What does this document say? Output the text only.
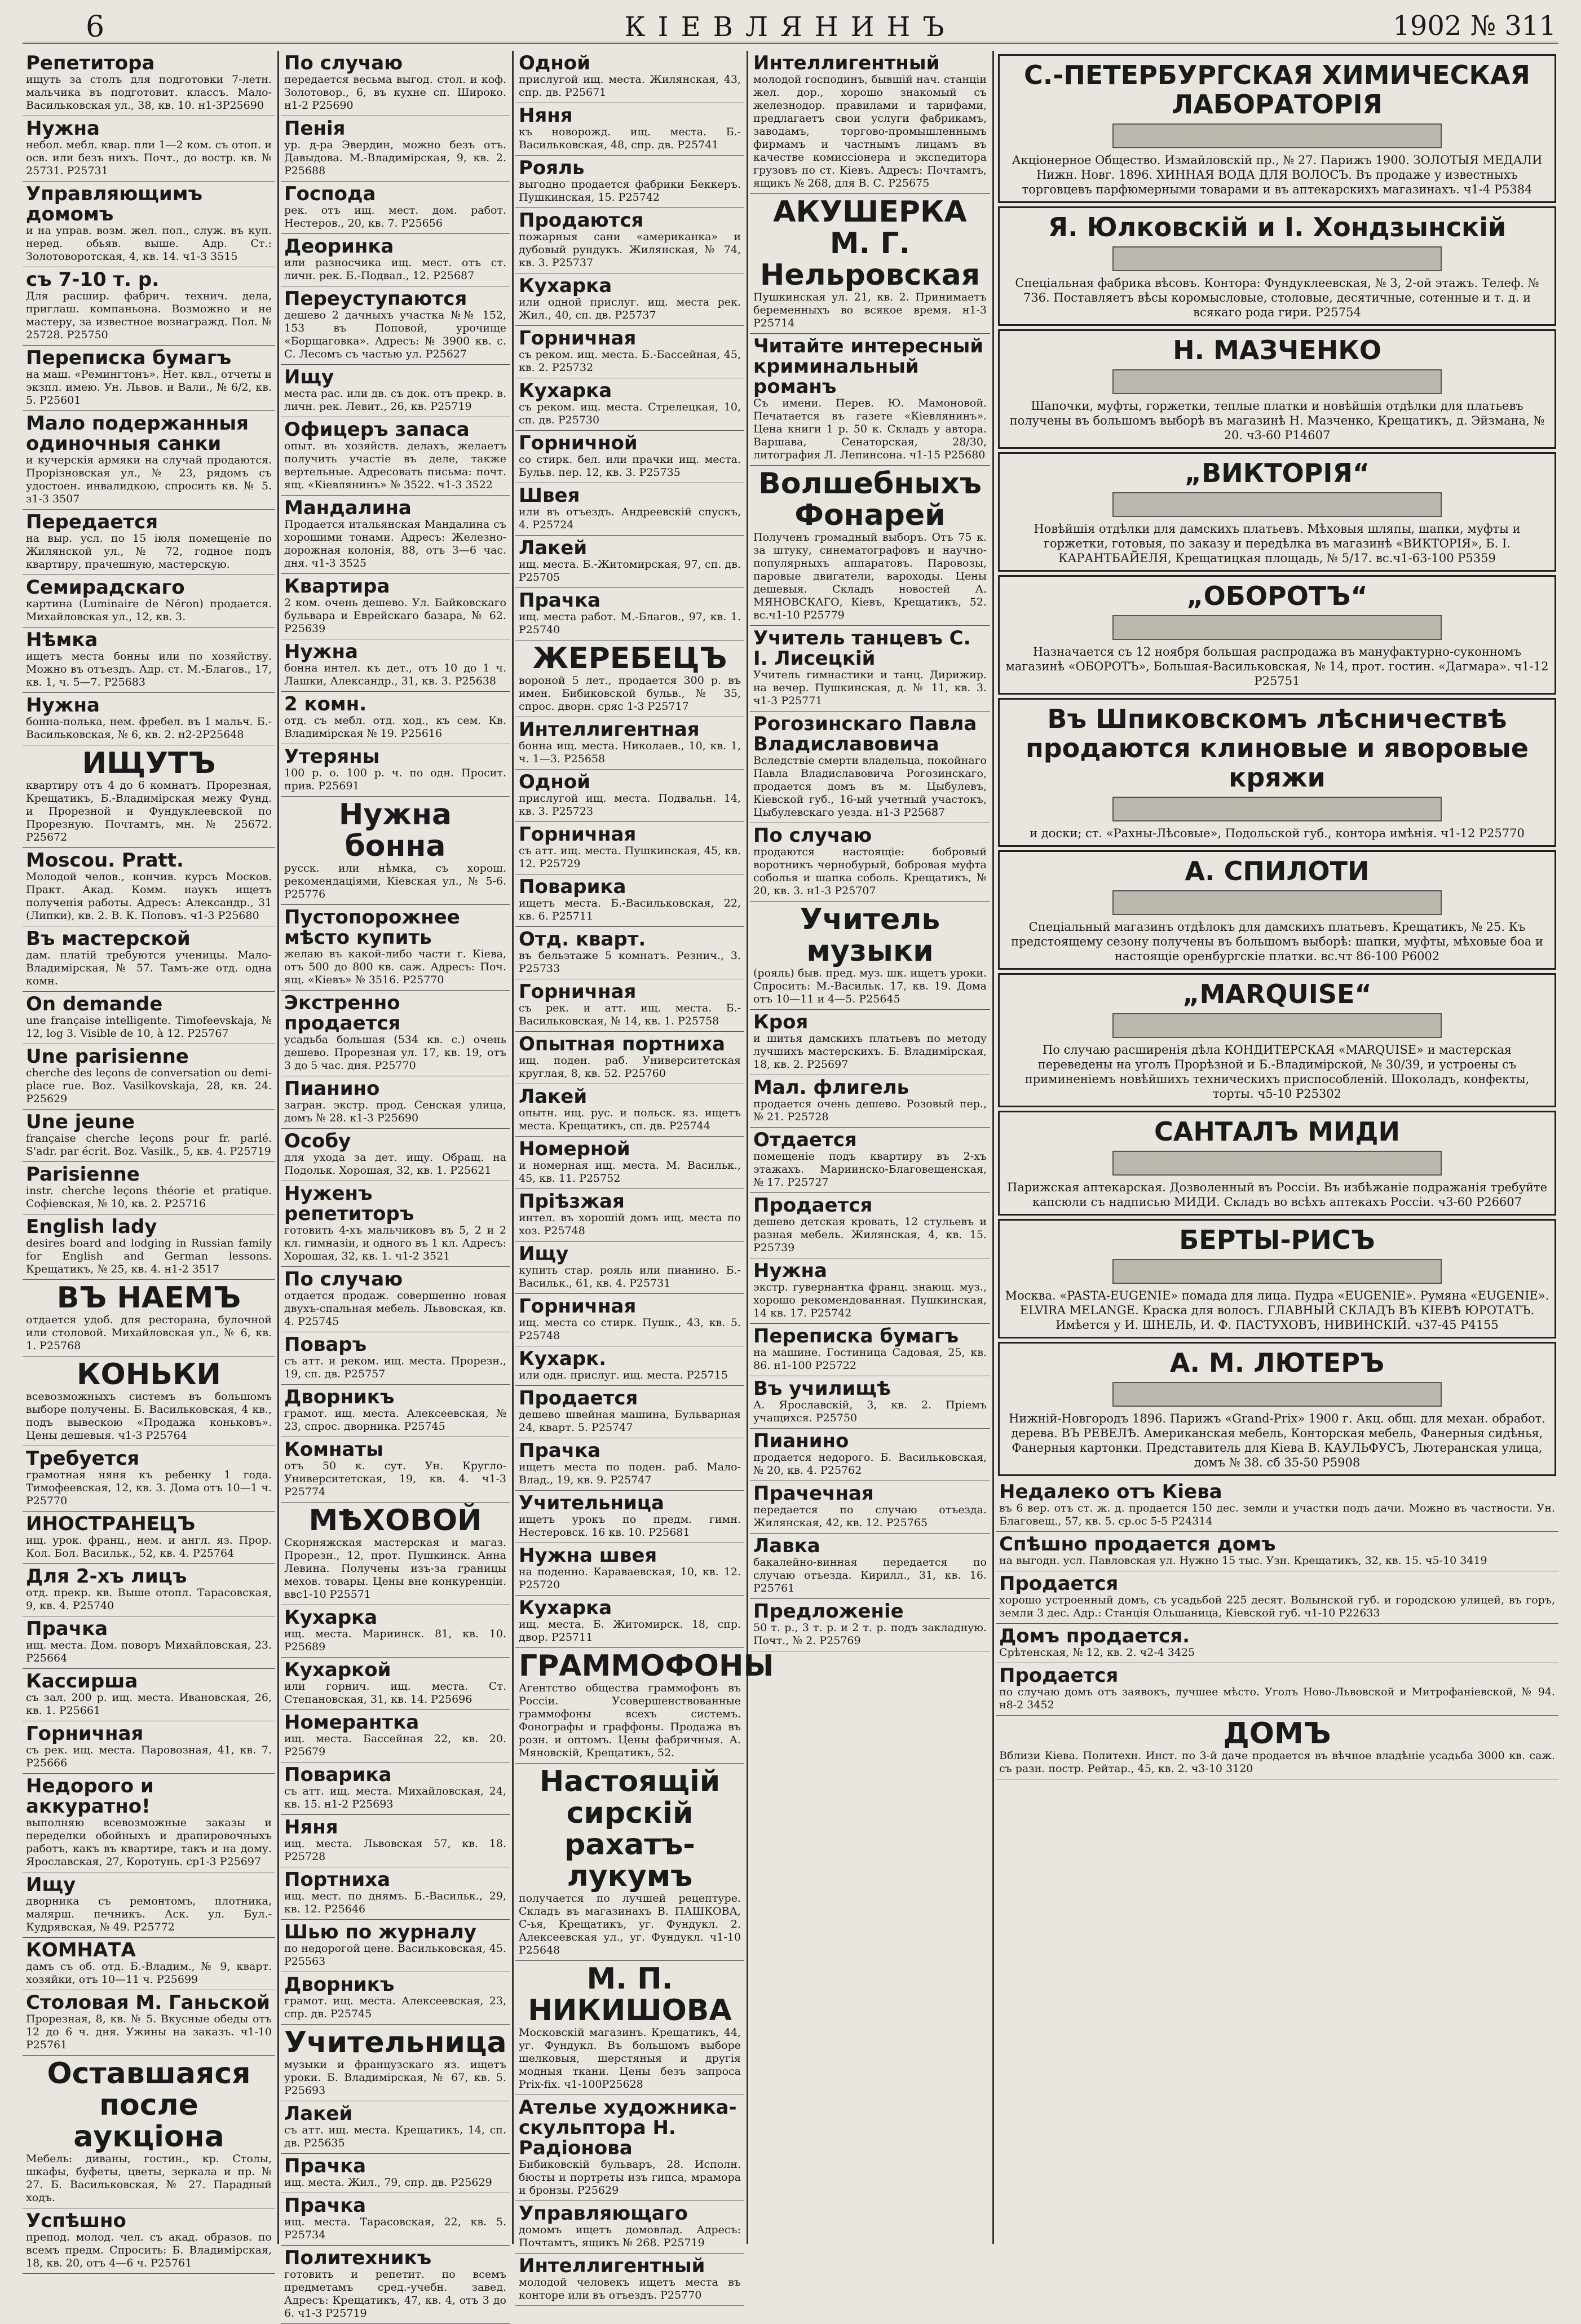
6	КІЕВЛЯНИНЪ	1902 № 311
Репетитора
ищуть за столъ для подготовки 7-летн. мальчика въ подготовит. классъ. Мало-Васильковская ул., 38, кв. 10. н1-3Р25690
Нужна
небол. мебл. квар. пли 1—2 ком. съ отоп. и осв. или безъ нихъ. Почт., до востр. кв. № 25731. Р25731
Управляющимъ домомъ
и на управ. возм. жел. пол., служ. въ куп. неред. обьяв. выше. Адр. Ст.: Золотоворотская, 4, кв. 14. ч1-3 3515
съ 7-10 т. р.
Для расшир. фабрич. технич. дела, приглаш. компаньона. Возможно и не мастеру, за известное вознагражд. Пол. № 25728. Р25750
Переписка бумагъ
на маш. «Ремингтонъ». Нет. квл., отчеты и экзпл. имею. Ун. Львов. и Вали., № 6/2, кв. 5. Р25601
Мало подержанныя одиночныя санки
и кучерскія армяки на случай продаются. Прорізновская ул., № 23, рядомъ съ удостоен. инвалидкою, спросить кв. № 5. з1-3 3507
Передается
на выр. усл. по 15 іюля помещеніе по Жилянской ул., № 72, годное подъ квартиру, прачешную, мастерскую.
Семирадскаго
картина (Luminaire de Néron) продается. Михайловская ул., 12, кв. 3.
Нѣмка
ищетъ места бонны или по хозяйству. Можно въ отъездъ. Адр. ст. М.-Благов., 17, кв. 1, ч. 5—7. Р25683
Нужна
бонна-полька, нем. фребел. въ 1 мальч. Б.-Васильковская, № 6, кв. 2. н2-2Р25648
ИЩУТЪ
квартиру отъ 4 до 6 комнатъ. Прорезная, Крещатикъ, Б.-Владимірская межу Фунд. и Прорезной и Фундуклеевской по Прорезную. Почтамтъ, мн. № 25672. Р25672
Moscou. Pratt.
Молодой челов., кончив. курсъ Москов. Практ. Акад. Комм. наукъ ищетъ полученія работы. Адресъ: Александр., 31 (Липки), кв. 2. В. К. Поповъ. ч1-3 Р25680
Въ мастерской
дам. платій требуются ученицы. Мало-Владимірская, № 57. Тамъ-же отд. одна комн.
On demande
une française intelligente. Timofeevskaja, № 12, log 3. Visible de 10, à 12. Р25767
Une parisienne
cherche des leçons de conversation ou demi-place rue. Boz. Vasilkovskaja, 28, кв. 24. Р25629
Une jeune
française cherche leçons pour fr. parlé. S'adr. par écrit. Boz. Vasilk., 5, кв. 4. Р25719
Parisienne
instr. cherche leçons théorie et pratique. Софіевская, № 10, кв. 2. Р25716
English lady
desires board and lodging in Russian family for English and German lessons. Крещатикъ, № 25, кв. 4. н1-2 3517
ВЪ НАЕМЪ
отдается удоб. для ресторана, булочной или столовой. Михайловская ул., № 6, кв. 1. Р25768
КОНЬКИ
всевозможныхъ системъ въ большомъ выборе получены. Б. Васильковская, 4 кв., подъ вывескою «Продажа коньковъ». Цены дешевыя. ч1-3 Р25764
Требуется
грамотная няня къ ребенку 1 года. Тимофеевская, 12, кв. 3. Дома отъ 10—1 ч. Р25770
ИНОСТРАНЕЦЪ
ищ. урок. франц., нем. и англ. яз. Прор. Кол. Бол. Васильк., 52, кв. 4. Р25764
Для 2-хъ лицъ
отд. прекр. кв. Выше отопл. Тарасовская, 9, кв. 4. Р25740
Прачка
ищ. места. Дом. поворъ Михайловская, 23. Р25664
Кассирша
съ зал. 200 р. ищ. места. Ивановская, 26, кв. 1. Р25661
Горничная
съ рек. ищ. места. Паровозная, 41, кв. 7. Р25666
Недорого и аккуратно!
выполняю всевозможные заказы и переделки обойныхъ и драпировочныхъ работъ, какъ въ квартире, такъ и на дому. Ярославская, 27, Коротунь. ср1-3 Р25697
Ищу
дворника съ ремонтомъ, плотника, малярш. печникъ. Аск. ул. Бул.-Кудрявская, № 49. Р25772
КОМНАТА
дамъ съ об. отд. Б.-Владим., № 9, кварт. хозяйки, отъ 10—11 ч. Р25699
Столовая М. Ганьской
Прорезная, 8, кв. № 5. Вкусные обеды отъ 12 до 6 ч. дня. Ужины на заказъ. ч1-10 Р25761
Оставшаяся после аукціона
Мебель: диваны, гостин., кр. Столы, шкафы, буфеты, цветы, зеркала и пр. № 27. Б. Васильковская, № 27. Парадный ходъ.
Успѣшно
препод. молод. чел. съ акад. образов. по всемъ предм. Спросить: Б. Владимірская, 18, кв. 20, отъ 4—6 ч. Р25761
По случаю
передается весьма выгод. стол. и коф. Золотовор., 6, въ кухне сп. Широко. н1-2 Р25690
Пенія
ур. д-ра Эвердин, можно безъ отъ. Давыдова. М.-Владимірская, 9, кв. 2. Р25688
Господа
рек. отъ ищ. мест. дом. работ. Нестеров., 20, кв. 7. Р25656
Деоринка
или разносчика ищ. мест. отъ ст. личн. рек. Б.-Подвал., 12. Р25687
Переуступаются
дешево 2 дачныхъ участка №№ 152, 153 въ Поповой, урочище «Борщаговка». Адресъ: № 3900 кв. с. С. Лесомъ съ частью ул. Р25627
Ищу
места рас. или дв. съ док. отъ прекр. в. личн. рек. Левит., 26, кв. Р25719
Офицеръ запаса
опыт. въ хозяйств. делахъ, желаетъ получить участіе въ деле, также вертельные. Адресовать письма: почт. ящ. «Кіевлянинъ» № 3522. ч1-3 3522
Мандалина
Продается итальянская Мандалина съ хорошими тонами. Адресъ: Железно-дорожная колонія, 88, отъ 3—6 час. дня. ч1-3 3525
Квартира
2 ком. очень дешево. Ул. Байковскаго бульвара и Еврейскаго базара, № 62. Р25639
Нужна
бонна интел. къ дет., отъ 10 до 1 ч. Лашки, Александр., 31, кв. 3. Р25638
2 комн.
отд. съ мебл. отд. ход., къ сем. Кв. Владимірская № 19. Р25616
Утеряны
100 р. о. 100 р. ч. по одн. Просит. прив. Р25691
Нужна бонна
русск. или нѣмка, съ хорош. рекомендаціями, Кіевская ул., № 5-6. Р25776
Пустопорожнее мѣсто купить
желаю въ какой-либо части г. Кіева, отъ 500 до 800 кв. саж. Адресъ: Поч. ящ. «Кіевъ» № 3516. Р25770
Экстренно продается
усадьба большая (534 кв. с.) очень дешево. Прорезная ул. 17, кв. 19, отъ 3 до 5 час. дня. Р25770
Пианино
загран. экстр. прод. Сенская улица, домъ № 28. к1-3 Р25690
Особу
для ухода за дет. ищу. Обращ. на Подольк. Хорошая, 32, кв. 1. Р25621
Нуженъ репетиторъ
готовить 4-хъ мальчиковъ въ 5, 2 и 2 кл. гимназіи, и одного въ 1 кл. Адресъ: Хорошая, 32, кв. 1. ч1-2 3521
По случаю
отдается продаж. совершенно новая двухъ-спальная мебель. Львовская, кв. 4. Р25745
Поваръ
съ атт. и реком. ищ. места. Прорезн., 19, сп. дв. Р25757
Дворникъ
грамот. ищ. места. Алексеевская, № 23, спрос. дворника. Р25745
Комнаты
отъ 50 к. сут. Ун. Кругло-Университетская, 19, кв. 4. ч1-3 Р25774
МѢХОВОЙ
Скорняжская мастерская и магаз. Прорезн., 12, прот. Пушкинск. Анна Левина. Получены изъ-за границы мехов. товары. Цены вне конкуренціи. ввс1-10 Р25571
Кухарка
ищ. места. Мариинск. 81, кв. 10. Р25689
Кухаркой
или горнич. ищ. места. Ст. Степановская, 31, кв. 14. Р25696
Номерантка
ищ. места. Бассейная 22, кв. 20. Р25679
Поварика
съ атт. ищ. места. Михайловская, 24, кв. 15. н1-2 Р25693
Няня
ищ. места. Львовская 57, кв. 18. Р25728
Портниха
ищ. мест. по днямъ. Б.-Васильк., 29, кв. 12. Р25646
Шью по журналу
по недорогой цене. Васильковская, 45. Р25563
Дворникъ
грамот. ищ. места. Алексеевская, 23, спр. дв. Р25745
Учительница
музыки и французскаго яз. ищетъ уроки. Б. Владимірская, № 67, кв. 5. Р25693
Лакей
съ атт. ищ. места. Крещатикъ, 14, сп. дв. Р25635
Прачка
ищ. места. Жил., 79, спр. дв. Р25629
Прачка
ищ. места. Тарасовская, 22, кв. 5. Р25734
Политехникъ
готовить и репетит. по всемъ предметамъ сред.-учебн. завед. Адресъ: Крещатикъ, 47, кв. 4, отъ 3 до 6. ч1-3 Р25719
Одной
прислугой ищ. места. Жилянская, 43, спр. дв. Р25671
Няня
къ новорожд. ищ. места. Б.-Васильковская, 48, спр. дв. Р25741
Рояль
выгодно продается фабрики Беккеръ. Пушкинская, 15. Р25742
Продаются
пожарныя сани «американка» и дубовый рундукъ. Жилянская, № 74, кв. 3. Р25737
Кухарка
или одной прислуг. ищ. места рек. Жил., 40, сп. дв. Р25737
Горничная
съ реком. ищ. места. Б.-Бассейная, 45, кв. 2. Р25732
Кухарка
съ реком. ищ. места. Стрелецкая, 10, сп. дв. Р25730
Горничной
со стирк. бел. или прачки ищ. места. Бульв. пер. 12, кв. 3. Р25735
Швея
или въ отъездъ. Андреевскій спускъ, 4. Р25724
Лакей
ищ. места. Б.-Житомирская, 97, сп. дв. Р25705
Прачка
ищ. места работ. М.-Благов., 97, кв. 1. Р25740
ЖЕРЕБЕЦЪ
вороной 5 лет., продается 300 р. въ имен. Бибиковской бульв., № 35, спрос. дворн. сряс 1-3 Р25717
Интеллигентная
бонна ищ. места. Николаев., 10, кв. 1, ч. 1—3. Р25658
Одной
прислугой ищ. места. Подвальн. 14, кв. 3. Р25723
Горничная
съ атт. ищ. места. Пушкинская, 45, кв. 12. Р25729
Поварика
ищетъ места. Б.-Васильковская, 22, кв. 6. Р25711
Отд. кварт.
въ бельэтаже 5 комнатъ. Резнич., 3. Р25733
Горничная
съ рек. и атт. ищ. места. Б.-Васильковская, № 14, кв. 1. Р25758
Опытная портниха
ищ. поден. раб. Университетская круглая, 8, кв. 52. Р25760
Лакей
опытн. ищ. рус. и польск. яз. ищетъ места. Крещатикъ, сп. дв. Р25744
Номерной
и номерная ищ. места. М. Васильк., 45, кв. 11. Р25752
Прiѣзжая
интел. въ хорошій домъ ищ. места по хоз. Р25748
Ищу
купить стар. рояль или пианино. Б.-Васильк., 61, кв. 4. Р25731
Горничная
ищ. места со стирк. Пушк., 43, кв. 5. Р25748
Кухарк.
или одн. прислуг. ищ. места. Р25715
Продается
дешево швейная машина, Бульварная 24, кварт. 5. Р25747
Прачка
ищетъ места по поден. раб. Мало-Влад., 19, кв. 9. Р25747
Учительница
ищетъ урокъ по предм. гимн. Нестеровск. 16 кв. 10. Р25681
Нужна швея
на поденно. Караваевская, 10, кв. 12. Р25720
Кухарка
ищ. места. Б. Житомирск. 18, спр. двор. Р25711
ГРАММОФОНЫ
Агентство общества граммофонъ въ Россіи. Усовершенствованные граммофоны всехъ системъ. Фонографы и граффоны. Продажа въ розн. и оптомъ. Цены фабричныя. А. Мяновскій, Крещатикъ, 52.
Настоящій сирскій рахатъ-лукумъ
получается по лучшей рецептуре. Складъ въ магазинахъ В. ПАШКОВА, С-ья, Крещатикъ, уг. Фундукл. 2. Алексеевская ул., уг. Фундукл. ч1-10 Р25648
М. П. НИКИШОВА
Московскій магазинъ. Крещатикъ, 44, уг. Фундукл. Въ большомъ выборе шелковыя, шерстяныя и другія модныя ткани. Цены безъ запроса Prix-fix. ч1-100Р25628
Ателье художника-скульптора Н. Радіонова
Бибиковскій бульваръ, 28. Исполн. бюсты и портреты изъ гипса, мрамора и бронзы. Р25629
Управляющаго
домомъ ищетъ домовлад. Адресъ: Почтамтъ, ящикъ № 268. Р25719
Интеллигентный
молодой человекъ ищетъ места въ конторе или въ отъездъ. Р25770
Интеллигентный
молодой господинъ, бывшій нач. станціи жел. дор., хорошо знакомый съ железнодор. правилами и тарифами, предлагаетъ свои услуги фабрикамъ, заводамъ, торгово-промышленнымъ фирмамъ и частнымъ лицамъ въ качестве комиссіонера и экспедитора грузовъ по ст. Кіевъ. Адресъ: Почтамтъ, ящикъ № 268, для В. С. Р25675
АКУШЕРКА М. Г. Нельровская
Пушкинская ул. 21, кв. 2. Принимаетъ беременныхъ во всякое время. н1-3 Р25714
Читайте интересный криминальный романъ
Съ имени. Перев. Ю. Мамоновой. Печатается въ газете «Кіевлянинъ». Цена книги 1 р. 50 к. Складъ у автора. Варшава, Сенаторская, 28/30, литография Л. Лепинсона. ч1-15 Р25680
Волшебныхъ Фонарей
Полученъ громадный выборъ. Отъ 75 к. за штуку, синематографовъ и научно-популярныхъ аппаратовъ. Паровозы, паровые двигатели, вароходы. Цены дешевыя. Складъ новостей А. МЯНОВСКАГО, Кіевъ, Крещатикъ, 52. вс.ч1-10 Р25779
Учитель танцевъ С. І. Лисецкій
Учитель гимнастики и танц. Дирижир. на вечер. Пушкинская, д. № 11, кв. 3. ч1-3 Р25771
Рогозинскаго Павла Владиславовича
Вследствіе смерти владельца, покойнаго Павла Владиславовича Рогозинскаго, продается домъ въ м. Цыбулевъ, Кіевской губ., 16-ый учетный участокъ, Цыбулевскаго уезда. н1-3 Р25687
По случаю
продаются настоящіе: бобровый воротникъ чернобурый, бобровая муфта соболья и шапка соболь. Крещатикъ, № 20, кв. 3. н1-3 Р25707
Учитель музыки
(рояль) быв. пред. муз. шк. ищетъ уроки. Спросить: М.-Васильк. 17, кв. 19. Дома отъ 10—11 и 4—5. Р25645
Кроя
и шитья дамскихъ платьевъ по методу лучшихъ мастерскихъ. Б. Владимірская, 18, кв. 2. Р25697
Мал. флигель
продается очень дешево. Розовый пер., № 21. Р25728
Отдается
помещеніе подъ квартиру въ 2-хъ этажахъ. Мариинско-Благовещенская, № 17. Р25727
Продается
дешево детская кровать, 12 стульевъ и разная мебель. Жилянская, 4, кв. 15. Р25739
Нужна
экстр. гувернантка франц. знающ. муз., хорошо рекомендованная. Пушкинская, 14 кв. 17. Р25742
Переписка бумагъ
на машине. Гостиница Садовая, 25, кв. 86. н1-100 Р25722
Въ училищѣ
А. Ярославскій, 3, кв. 2. Пріемъ учащихся. Р25750
Пианино
продается недорого. Б. Васильковская, № 20, кв. 4. Р25762
Прачечная
передается по случаю отъезда. Жилянская, 42, кв. 12. Р25765
Лавка
бакалейно-винная передается по случаю отъезда. Кирилл., 31, кв. 16. Р25761
Предложеніе
50 т. р., 3 т. р. и 2 т. р. подъ закладную. Почт., № 2. Р25769
С.-ПЕТЕРБУРГСКАЯ ХИМИЧЕСКАЯ ЛАБОРАТОРІЯ
Акціонерное Общество. Измайловскій пр., № 27. Парижъ 1900. ЗОЛОТЫЯ МЕДАЛИ Нижн. Новг. 1896. ХИННАЯ ВОДА ДЛЯ ВОЛОСЪ. Въ продаже у известныхъ торговцевъ парфюмерными товарами и въ аптекарскихъ магазинахъ. ч1-4 Р5384
Я. Юлковскій и І. Хондзынскій
Спеціальная фабрика вѣсовъ. Контора: Фундуклеевская, № 3, 2-ой этажъ. Телеф. № 736. Поставляетъ вѣсы коромысловые, столовые, десятичные, сотенные и т. д. и всякаго рода гири. Р25754
Н. МАЗЧЕНКО
Шапочки, муфты, горжетки, теплые платки и новѣйшія отдѣлки для платьевъ получены въ большомъ выборѣ въ магазинѣ Н. Мазченко, Крещатикъ, д. Эйзмана, № 20. ч3-60 Р14607
„ВИКТОРІЯ“
Новѣйшія отдѣлки для дамскихъ платьевъ. Мѣховыя шляпы, шапки, муфты и горжетки, готовыя, по заказу и передѣлка въ магазинѣ «ВИКТОРІЯ», Б. І. КАРАНТБАЙЕЛЯ, Крещатицкая площадь, № 5/17. вс.ч1-63-100 Р5359
„ОБОРОТЪ“
Назначается съ 12 ноября большая распродажа въ мануфактурно-суконномъ магазинѣ «ОБОРОТЪ», Большая-Васильковская, № 14, прот. гостин. «Дагмара». ч1-12 Р25751
Въ Шпиковскомъ лѣсничествѣ продаются клиновые и яворовые кряжи
и доски; ст. «Рахны-Лѣсовые», Подольской губ., контора имѣнія. ч1-12 Р25770
А. СПИЛОТИ
Спеціальный магазинъ отдѣлокъ для дамскихъ платьевъ. Крещатикъ, № 25. Къ предстоящему сезону получены въ большомъ выборѣ: шапки, муфты, мѣховые боа и настоящіе оренбургскіе платки. вс.чт 86-100 Р6002
„MARQUISE“
По случаю расширенія дѣла КОНДИТЕРСКАЯ «MARQUISE» и мастерская переведены на уголъ Прорѣзной и Б.-Владимірской, № 30/39, и устроены съ приминеніемъ новѣйшихъ техническихъ приспособленій. Шоколадъ, конфекты, торты. ч5-10 Р25302
САНТАЛЪ МИДИ
Парижская аптекарская. Дозволенный въ Россіи. Въ избѣжаніе подражанія требуйте капсюли съ надписью МИДИ. Складъ во всѣхъ аптекахъ Россіи. ч3-60 Р26607
БЕРТЫ-РИСЪ
Москва. «PASTA-EUGENIE» помада для лица. Пудра «EUGENIE». Румяна «EUGENIE». ELVIRA MELANGE. Краска для волосъ. ГЛАВНЫЙ СКЛАДЪ ВЪ КІЕВѢ ЮРОТАТЪ. Имѣется у И. ШНЕЛЬ, И. Ф. ПАСТУХОВЪ, НИВИНСКІЙ. ч37-45 Р4155
А. М. ЛЮТЕРЪ
Нижній-Новгородъ 1896. Парижъ «Grand-Prix» 1900 г. Акц. общ. для механ. обработ. дерева. ВЪ РЕВЕЛѢ. Американская мебель, Конторская мебель, Фанерныя сидѣнья, Фанерныя картонки. Представитель для Кіева В. КАУЛЬФУСЪ, Лютеранская улица, домъ № 38. сб 35-50 Р5908
Недалеко отъ Кіева
въ 6 вер. отъ ст. ж. д. продается 150 дес. земли и участки подъ дачи. Можно въ частности. Ун. Благовещ., 57, кв. 5. ср.ос 5-5 Р24314
Спѣшно продается домъ
на выгодн. усл. Павловская ул. Нужно 15 тыс. Узн. Крещатикъ, 32, кв. 15. ч5-10 3419
Продается
хорошо устроенный домъ, съ усадьбой 225 десят. Волынской губ. и городскою улицей, въ горъ, земли 3 дес. Адр.: Станція Ольшаница, Кіевской губ. ч1-10 Р22633
Домъ продается.
Срѣтенская, № 12, кв. 2. ч2-4 3425
Продается
по случаю домъ отъ заявокъ, лучшее мѣсто. Уголъ Ново-Львовской и Митрофаніевской, № 94. н8-2 3452
ДОМЪ
Вблизи Кіева. Политехн. Инст. по 3-й даче продается въ вѣчное владѣніе усадьба 3000 кв. саж. съ разн. постр. Рейтар., 45, кв. 2. ч3-10 3120
